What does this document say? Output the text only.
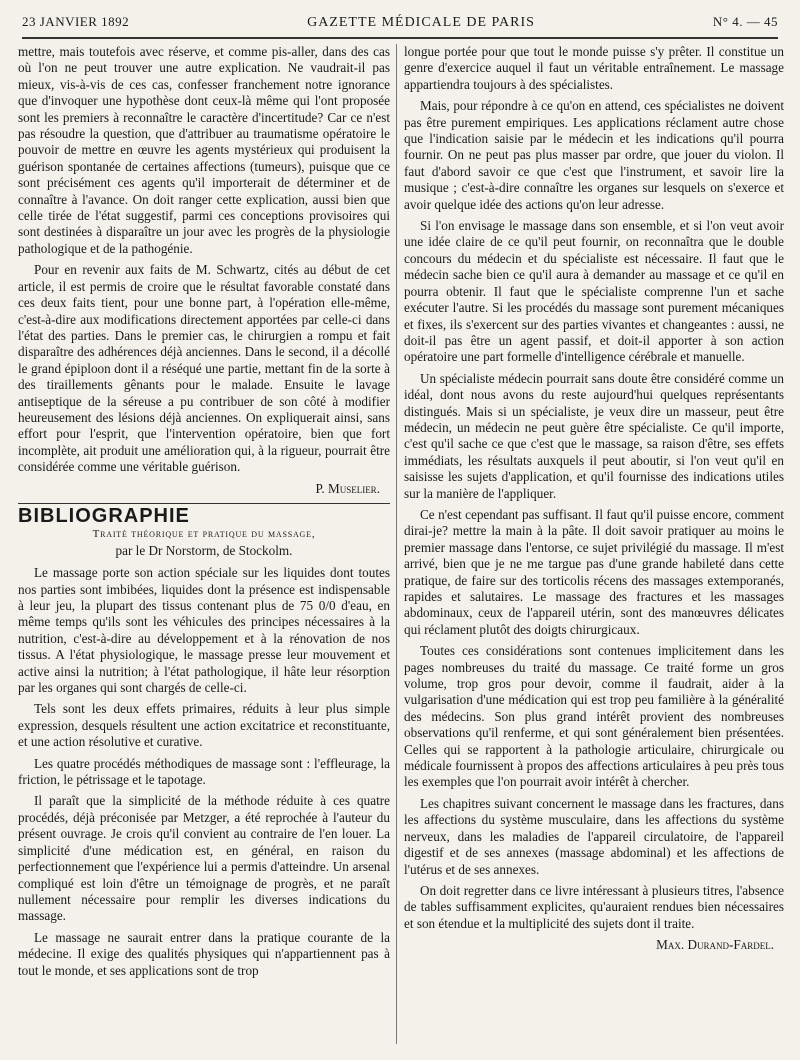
23 JANVIER 1892	GAZETTE MÉDICALE DE PARIS	N° 4. — 45

mettre, mais toutefois avec réserve, et comme pis-aller, dans des cas où l'on ne peut trouver une autre explication. Ne vaudrait-il pas mieux, vis-à-vis de ces cas, confesser franchement notre ignorance que d'invoquer une hypothèse dont ceux-là même qui l'ont proposée sont les premiers à reconnaître le caractère d'incertitude? Car ce n'est pas résoudre la question, que d'attribuer au traumatisme opératoire le pouvoir de mettre en œuvre les agents mystérieux qui produisent la guérison spontanée de certaines affections (tumeurs), puisque que ce sont précisément ces agents qu'il importerait de déterminer et de connaître à l'avance. On doit ranger cette explication, aussi bien que celle tirée de l'état suggestif, parmi ces conceptions provisoires qui sont destinées à disparaître un jour avec les progrès de la physiologie pathologique et de la pathogénie.

Pour en revenir aux faits de M. Schwartz, cités au début de cet article, il est permis de croire que le résultat favorable constaté dans ces deux faits tient, pour une bonne part, à l'opération elle-même, c'est-à-dire aux modifications directement apportées par celle-ci dans l'état des parties. Dans le premier cas, le chirurgien a rompu et fait disparaître des adhérences déjà anciennes. Dans le second, il a décollé le grand épiploon dont il a réséqué une partie, mettant fin de la sorte à des tiraillements gênants pour le malade. Ensuite le lavage antiseptique de la séreuse a pu contribuer de son côté à modifier heureusement des lésions déjà anciennes. On expliquerait ainsi, sans effort pour l'esprit, que l'intervention opératoire, bien que fort incomplète, ait produit une amélioration qui, à la rigueur, pourrait être considérée comme une véritable guérison.

P. Muselier.
BIBLIOGRAPHIE
Traité théorique et pratique du massage,
par le Dr Norstorm, de Stockolm.

Le massage porte son action spéciale sur les liquides dont toutes nos parties sont imbibées, liquides dont la présence est indispensable à leur jeu, la plupart des tissus contenant plus de 75 0/0 d'eau, en même temps qu'ils sont les véhicules des principes nécessaires à la nutrition, c'est-à-dire au développement et à la rénovation de nos tissus. A l'état physiologique, le massage presse leur mouvement et active ainsi la nutrition; à l'état pathologique, il hâte leur résorption par les organes qui sont chargés de celle-ci.

Tels sont les deux effets primaires, réduits à leur plus simple expression, desquels résultent une action excitatrice et reconstituante, et une action résolutive et curative.

Les quatre procédés méthodiques de massage sont : l'effleurage, la friction, le pétrissage et le tapotage.

Il paraît que la simplicité de la méthode réduite à ces quatre procédés, déjà préconisée par Metzger, a été reprochée à l'auteur du présent ouvrage. Je crois qu'il convient au contraire de l'en louer. La simplicité d'une médication est, en général, en raison du perfectionnement que l'expérience lui a permis d'atteindre. Un arsenal compliqué est loin d'être un témoignage de progrès, et ne paraît nullement nécessaire pour remplir les diverses indications du massage.

Le massage ne saurait entrer dans la pratique courante de la médecine. Il exige des qualités physiques qui n'appartiennent pas à tout le monde, et ses applications sont de trop

longue portée pour que tout le monde puisse s'y prêter. Il constitue un genre d'exercice auquel il faut un véritable entraînement. Le massage appartiendra toujours à des spécialistes.

Mais, pour répondre à ce qu'on en attend, ces spécialistes ne doivent pas être purement empiriques. Les applications réclament autre chose que l'indication saisie par le médecin et les indications qu'il pourra fournir. On ne peut pas plus masser par ordre, que jouer du violon. Il faut d'abord savoir ce que c'est que l'instrument, et savoir lire la musique ; c'est-à-dire connaître les organes sur lesquels on s'exerce et avoir quelque idée des actions qu'on leur adresse.

Si l'on envisage le massage dans son ensemble, et si l'on veut avoir une idée claire de ce qu'il peut fournir, on reconnaîtra que le double concours du médecin et du spécialiste est nécessaire. Il faut que le médecin sache bien ce qu'il aura à demander au massage et ce qu'il en pourra obtenir. Il faut que le spécialiste comprenne l'un et sache exécuter l'autre. Si les procédés du massage sont purement mécaniques et fixes, ils s'exercent sur des parties vivantes et changeantes : aussi, ne doit-il pas être un agent passif, et doit-il apporter à son action opératoire une part formelle d'intelligence cérébrale et manuelle.

Un spécialiste médecin pourrait sans doute être considéré comme un idéal, dont nous avons du reste aujourd'hui quelques représentants distingués. Mais si un spécialiste, je veux dire un masseur, peut être médecin, un médecin ne peut guère être spécialiste. Ce qu'il importe, c'est qu'il sache ce que c'est que le massage, sa raison d'être, ses effets immédiats, les résultats auxquels il peut aboutir, si l'on veut qu'il en saisisse les sujets d'application, et qu'il fournisse des indications utiles sur la manière de l'appliquer.

Ce n'est cependant pas suffisant. Il faut qu'il puisse encore, comment dirai-je? mettre la main à la pâte. Il doit savoir pratiquer au moins le premier massage dans l'entorse, ce sujet privilégié du massage. Il m'est arrivé, bien que je ne me targue pas d'une grande habileté dans cette pratique, de faire sur des torticolis récens des massages extemporanés, rapides et salutaires. Le massage des fractures et les massages abdominaux, ceux de l'appareil utérin, sont des manœuvres délicates qui réclament plutôt des doigts chirurgicaux.

Toutes ces considérations sont contenues implicitement dans les pages nombreuses du traité du massage. Ce traité forme un gros volume, trop gros pour devoir, comme il faudrait, aider à la vulgarisation d'une médication qui est trop peu familière à la généralité des médecins. Son plus grand intérêt provient des nombreuses observations qu'il renferme, et qui sont généralement bien présentées. Celles qui se rapportent à la pathologie articulaire, chirurgicale ou médicale fournissent à propos des affections articulaires à peu près tous les exemples que l'on pourrait avoir intérêt à chercher.

Les chapitres suivant concernent le massage dans les fractures, dans les affections du système musculaire, dans les affections du système nerveux, dans les maladies de l'appareil circulatoire, de l'appareil digestif et de ses annexes (massage abdominal) et les affections de l'utérus et de ses annexes.

On doit regretter dans ce livre intéressant à plusieurs titres, l'absence de tables suffisamment explicites, qu'auraient rendues bien nécessaires et son étendue et la multiplicité des sujets dont il traite.

Max. Durand-Fardel.
